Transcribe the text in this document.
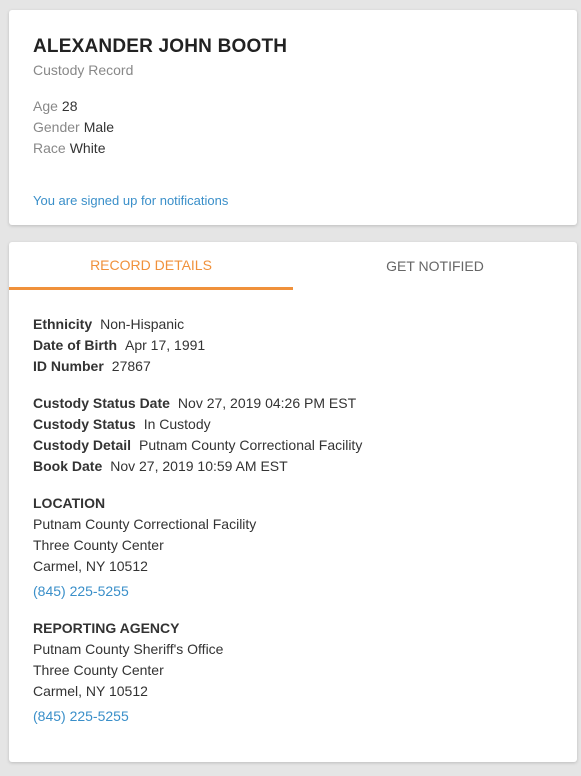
ALEXANDER JOHN BOOTH
Custody Record
Age 28
Gender Male
Race White
You are signed up for notifications
RECORD DETAILS	GET NOTIFIED
Ethnicity Non-Hispanic
Date of Birth Apr 17, 1991
ID Number 27867
Custody Status Date Nov 27, 2019 04:26 PM EST
Custody Status In Custody
Custody Detail Putnam County Correctional Facility
Book Date Nov 27, 2019 10:59 AM EST
LOCATION
Putnam County Correctional Facility
Three County Center
Carmel, NY 10512
(845) 225-5255
REPORTING AGENCY
Putnam County Sheriff's Office
Three County Center
Carmel, NY 10512
(845) 225-5255
